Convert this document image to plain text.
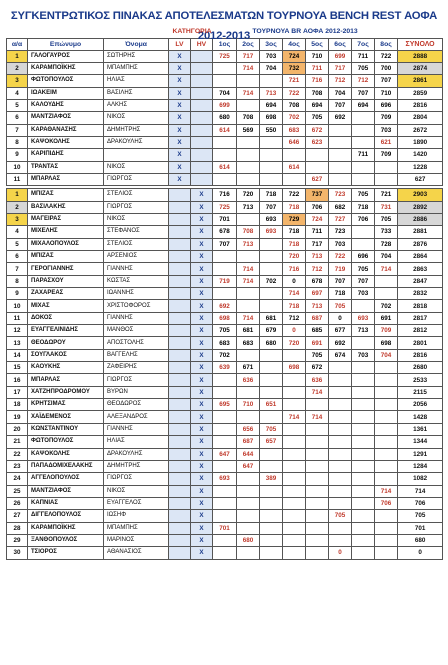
ΣΥΓΚΕΝΤΡΩΤΙΚΟΣ ΠΙΝΑΚΑΣ ΑΠΟΤΕΛΕΣΜΑΤΩΝ ΤΟΥΡΝΟΥΑ BENCH REST ΑΟΦΑ 2012-2013
		ΚΑΤΗΓΟΡΙΑ			ΤΟΥΡΝΟΥΑ BR ΑΟΦΑ 2012-2013								
α/α	Επώνυμο	Όνομα	LV	HV	1ος	2ος	3ος	4ος	5ος	6ος	7ος	8ος	ΣΥΝΟΛΟ
1	ΓΑΛΟΓΑΥΡΟΣ	ΣΩΤΗΡΗΣ	X		725	717	703	724	710	699	711	722	2888
2	ΚΑΡΑΜΠΟΪΚΗΣ	ΜΠΑΜΠΗΣ	X			714	704	732	711	717	705	700	2874
3	ΦΩΤΟΠΟΥΛΟΣ	ΗΛΙΑΣ	X					721	716	712	712	707	2861
4	ΙΩΑΚΕΙΜ	ΒΑΣΙΛΗΣ	X		704	714	713	722	708	704	707	710	2859
5	ΚΑΛΟΥΔΗΣ	ΑΛΚΗΣ	X		699		694	708	694	707	694	696	2816
6	ΜΑΝΤΖΙΑΦΟΣ	ΝΙΚΟΣ	X		680	708	698	702	705	692		709	2804
7	ΚΑΡΑΘΑΝΑΣΗΣ	ΔΗΜΗΤΡΗΣ	X		614	569	550	683	672			703	2672
8	ΚΑΨΟΚΟΛΗΣ	ΔΡΑΚΟΥΛΗΣ	X					646	623			621	1890
9	ΚΑΡΙΠΙΔΗΣ		X								711	709	1420
10	ΤΡΑΝΤΑΣ	ΝΙΚΟΣ	X		614			614					1228
11	ΜΠΑΡΛΑΣ	ΓΙΩΡΓΟΣ	X						627				627

1	ΜΠΙΖΑΣ	ΣΤΕΛΙΟΣ		X	716	720	718	722	737	723	705	721	2903
2	ΒΑΣΙΛΑΚΗΣ	ΓΙΩΡΓΟΣ		X	725	713	707	718	706	682	718	731	2892
3	ΜΑΓΕΙΡΑΣ	ΝΙΚΟΣ		X	701		693	729	724	727	706	705	2886
4	ΜΙΧΕΛΗΣ	ΣΤΕΦΑΝΟΣ		X	678	708	693	718	711	723		733	2881
5	ΜΙΧΑΛΟΠΟΥΛΟΣ	ΣΤΕΛΙΟΣ		X	707	713		718	717	703		728	2876
6	ΜΠΙΖΑΣ	ΑΡΣΕΝΙΟΣ		X				720	713	722	696	704	2864
7	ΓΕΡΟΓΙΑΝΝΗΣ	ΓΙΑΝΝΗΣ		X		714		716	712	719	705	714	2863
8	ΠΑΡΑΣΧΟΥ	ΚΩΣΤΑΣ		X	719	714	702	0	678	707	707		2847
9	ΖΑΧΑΡΕΑΣ	ΙΩΑΝΝΗΣ		X				714	697	718	703		2832
10	ΜΙΧΑΣ	ΧΡΙΣΤΟΦΟΡΟΣ		X	692			718	713	705		702	2818
11	ΔΟΚΟΣ	ΓΙΑΝΝΗΣ		X	698	714	681	712	687	0	693	691	2817
12	ΕΥΑΓΓΕΛΙΝΙΔΗΣ	ΜΑΝΘΟΣ		X	705	681	679	0	685	677	713	709	2812
13	ΘΕΟΔΩΡΟΥ	ΑΠΟΣΤΟΛΗΣ		X	683	683	680	720	691	692		698	2801
14	ΣΟΥΓΛΑΚΟΣ	ΒΑΓΓΕΛΗΣ		X	702				705	674	703	704	2816
15	ΚΑΟΥΚΗΣ	ΖΑΦΕΙΡΗΣ		X	639	671		698	672				2680
16	ΜΠΑΡΛΑΣ	ΓΙΩΡΓΟΣ		X		636			636				2533
17	ΧΑΤΖΗΠΡΟΔΡΟΜΟΥ	ΒΥΡΩΝ		X					714				2115
18	ΚΡΗΤΣΙΜΑΣ	ΘΕΟΔΩΡΟΣ		X	695	710	651						2056
19	ΧΑΪΔΕΜΕΝΟΣ	ΑΛΕΞΑΝΔΡΟΣ		X				714	714				1428
20	ΚΩΝΣΤΑΝΤΙΝΟΥ	ΓΙΑΝΝΗΣ		X		656	705						1361
21	ΦΩΤΟΠΟΥΛΟΣ	ΗΛΙΑΣ		X		687	657						1344
22	ΚΑΨΟΚΟΛΗΣ	ΔΡΑΚΟΥΛΗΣ		X	647	644							1291
23	ΠΑΠΑΔΟΜΙΧΕΛΑΚΗΣ	ΔΗΜΗΤΡΗΣ		X		647							1284
24	ΑΓΓΕΛΟΠΟΥΛΟΣ	ΓΙΩΡΓΟΣ		X	693		389						1082
25	ΜΑΝΤΖΙΑΦΟΣ	ΝΙΚΟΣ		X								714	714
26	ΚΑΠΝΙΑΣ	ΕΥΑΓΓΕΛΟΣ		X								706	706
27	ΔΙΓΓΕΛΟΠΟΥΛΟΣ	ΙΩΣΗΦ		X						705			705
28	ΚΑΡΑΜΠΟΪΚΗΣ	ΜΠΑΜΠΗΣ		X	701								701
29	ΞΑΝΘΟΠΟΥΛΟΣ	ΜΑΡΙΝΟΣ		X		680							680
30	ΤΣΙΟΡΟΣ	ΑΘΑΝΑΣΙΟΣ		X						0			0
